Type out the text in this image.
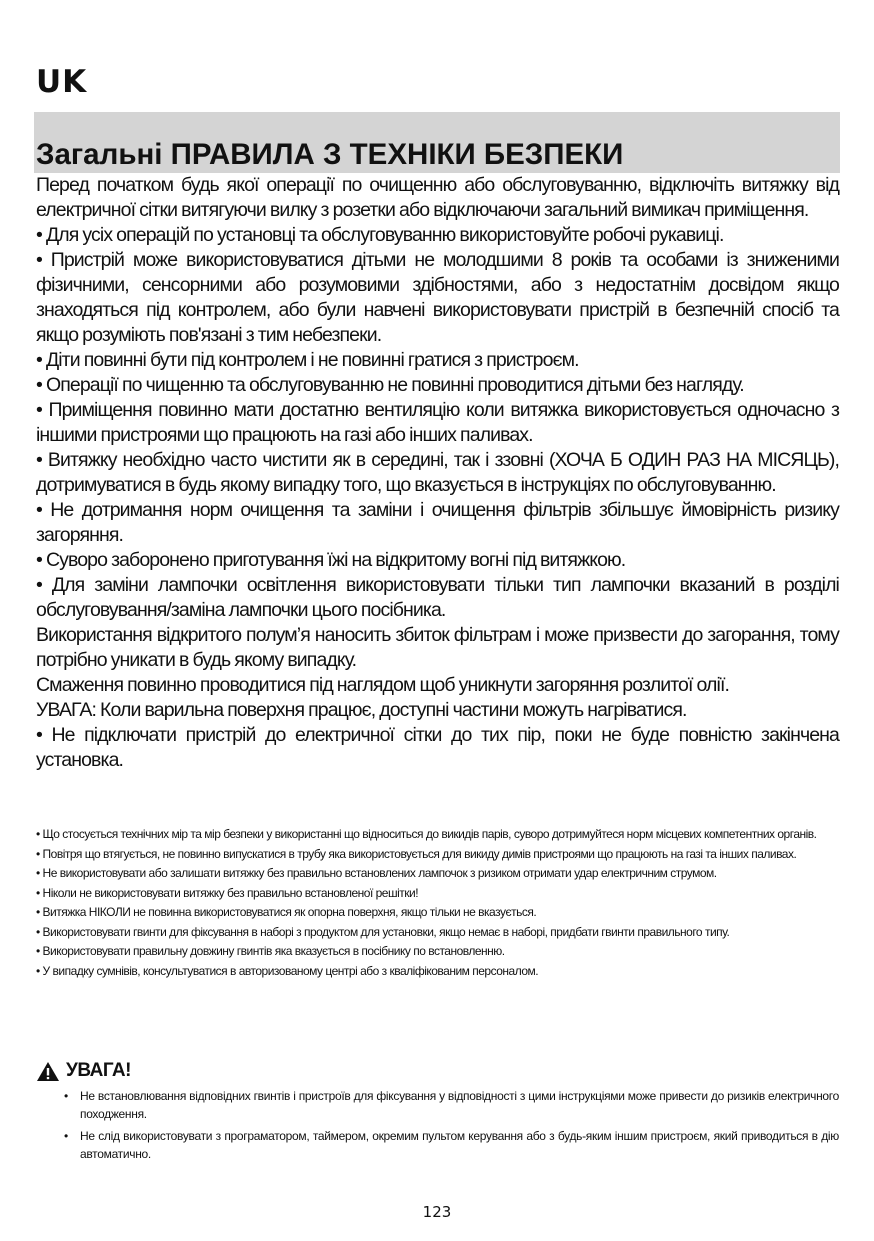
UK
Загальні ПРАВИЛА З ТЕХНІКИ БЕЗПЕКИ

Перед початком будь якої операції по очищенню або обслуговуванню, відключіть витяжку від електричної сітки витягуючи вилку з розетки або відключаючи загальний вимикач приміщення.

• Для усіх операцій по установці та обслуговуванню використовуйте робочі рукавиці.

• Пристрій може використовуватися дітьми не молодшими 8 років та особами із зниженими фізичними, сенсорними або розумовими здібностями, або з недостатнім досвідом якщо знаходяться під контролем, або були навчені використовувати пристрій в безпечній спосіб та якщо розуміють пов'язані з тим небезпеки.

• Діти повинні бути під контролем і не повинні гратися з пристроєм.

• Операції по чищенню та обслуговуванню не повинні проводитися дітьми без нагляду.

• Приміщення повинно мати достатню вентиляцію коли витяжка використовується одночасно з іншими пристроями що працюють на газі або інших паливах.

• Витяжку необхідно часто чистити як в середині, так і ззовні (ХОЧА Б ОДИН РАЗ НА МІСЯЦЬ), дотримуватися в будь якому випадку того, що вказується в інструкціях по обслуговуванню.

• Не дотримання норм очищення та заміни і очищення фільтрів збільшує ймовірність ризику загоряння.

• Суворо заборонено приготування їжі на відкритому вогні під витяжкою.

• Для заміни лампочки освітлення використовувати тільки тип лампочки вказаний в розділі обслуговування/заміна лампочки цього посібника.

Використання відкритого полум’я наносить збиток фільтрам і може призвести до загорання, тому потрібно уникати в будь якому випадку.

Смаження повинно проводитися під наглядом щоб уникнути загоряння розлитої олії.

УВАГА: Коли варильна поверхня працює, доступні частини можуть нагріватися.

• Не підключати пристрій до електричної сітки до тих пір, поки не буде повністю закінчена установка.

• Що стосується технічних мір та мір безпеки у використанні що відноситься до викидів парів, суворо дотримуйтеся норм місцевих компетентних органів.

• Повітря що втягується, не повинно випускатися в трубу яка використовується для викиду димів пристроями що працюють на газі та інших паливах.

• Не використовувати або залишати витяжку без правильно встановлених лампочок з ризиком отримати удар електричним струмом.

• Ніколи не використовувати витяжку без правильно встановленої решітки!

• Витяжка НІКОЛИ не повинна використовуватися як опорна поверхня, якщо тільки не вказується.

• Використовувати гвинти для фіксування в наборі з продуктом для установки, якщо немає в наборі, придбати гвинти правильного типу.

• Використовувати правильну довжину гвинтів яка вказується в посібнику по встановленню.

• У випадку сумнівів, консультуватися в авторизованому центрі або з кваліфікованим персоналом.

УВАГА!
• Не встановлювання відповідних гвинтів і пристроїв для фіксування у відповідності з цими інструкціями може привести до ризиків електричного походження.
• Не слід використовувати з програматором, таймером, окремим пультом керування або з будь-яким іншим пристроєм, який приводиться в дію автоматично.
123
